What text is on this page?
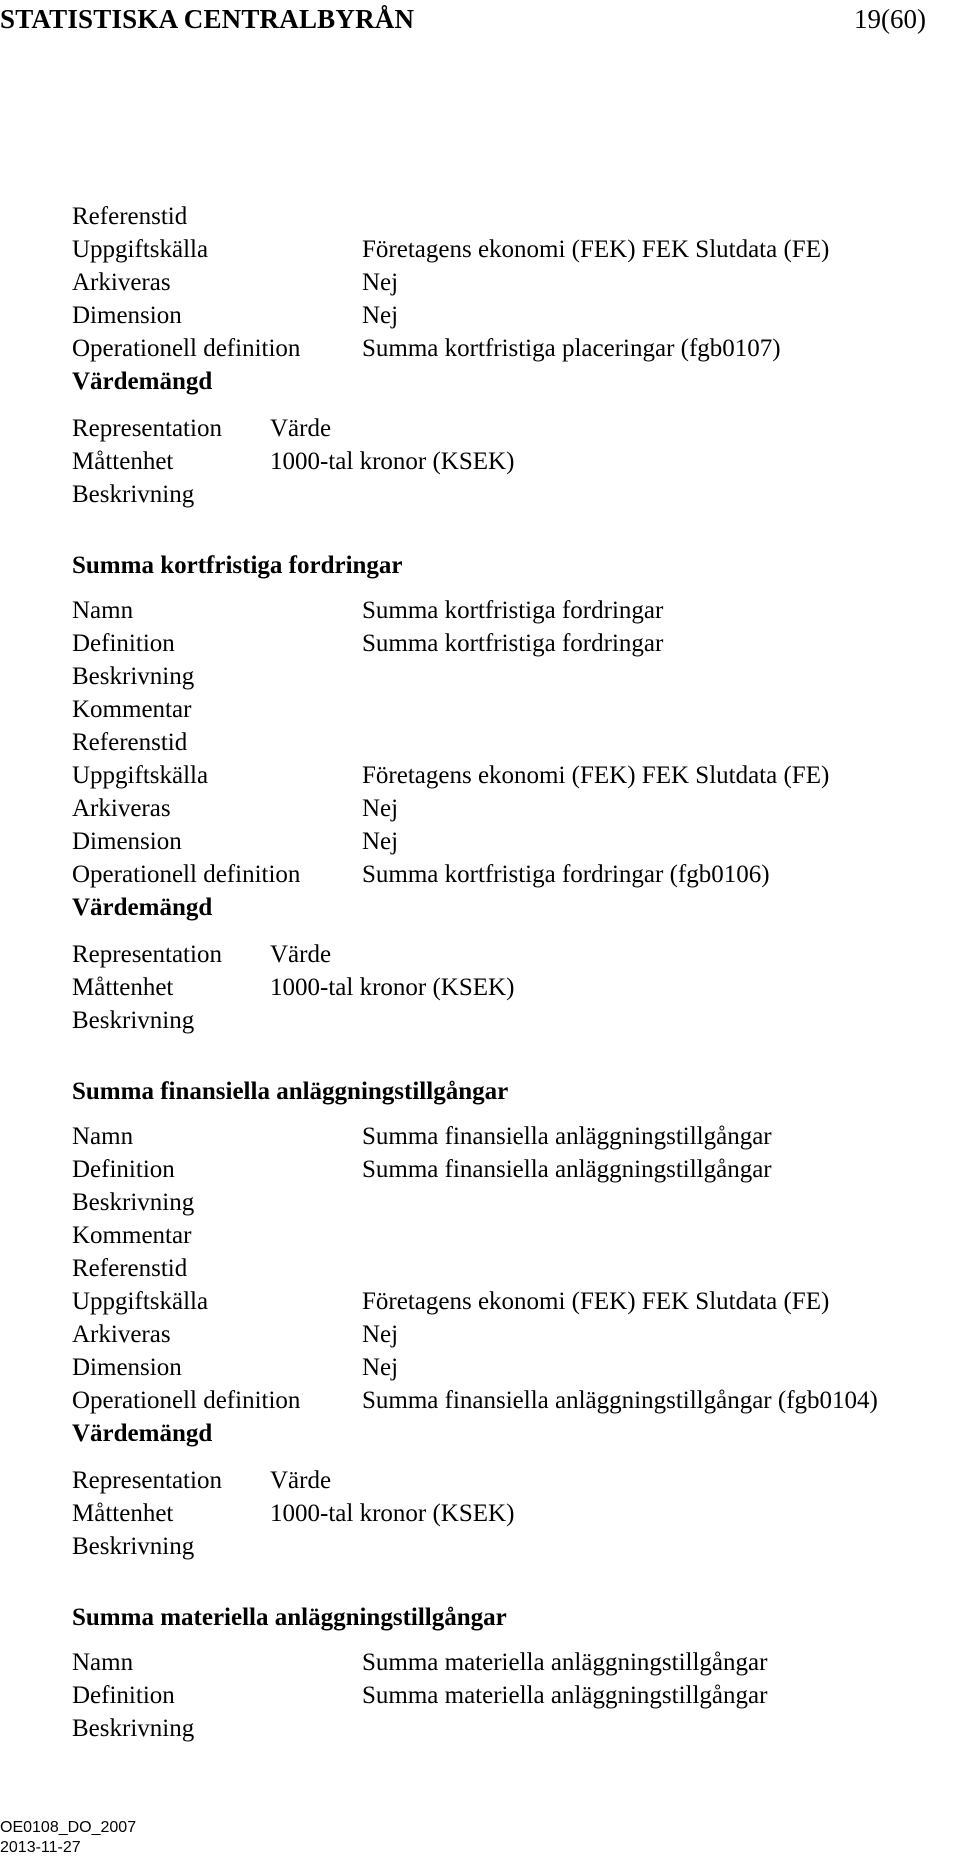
STATISTISKA CENTRALBYRÅN	19(60)
Referenstid
Uppgiftskälla	Företagens ekonomi (FEK) FEK Slutdata (FE)
Arkiveras	Nej
Dimension	Nej
Operationell definition	Summa kortfristiga placeringar (fgb0107)
Värdemängd
Representation	Värde
Måttenhet	1000-tal kronor (KSEK)
Beskrivning
Summa kortfristiga fordringar
Namn	Summa kortfristiga fordringar
Definition	Summa kortfristiga fordringar
Beskrivning
Kommentar
Referenstid
Uppgiftskälla	Företagens ekonomi (FEK) FEK Slutdata (FE)
Arkiveras	Nej
Dimension	Nej
Operationell definition	Summa kortfristiga fordringar (fgb0106)
Värdemängd
Representation	Värde
Måttenhet	1000-tal kronor (KSEK)
Beskrivning
Summa finansiella anläggningstillgångar
Namn	Summa finansiella anläggningstillgångar
Definition	Summa finansiella anläggningstillgångar
Beskrivning
Kommentar
Referenstid
Uppgiftskälla	Företagens ekonomi (FEK) FEK Slutdata (FE)
Arkiveras	Nej
Dimension	Nej
Operationell definition	Summa finansiella anläggningstillgångar (fgb0104)
Värdemängd
Representation	Värde
Måttenhet	1000-tal kronor (KSEK)
Beskrivning
Summa materiella anläggningstillgångar
Namn	Summa materiella anläggningstillgångar
Definition	Summa materiella anläggningstillgångar
Beskrivning
OE0108_DO_2007
2013-11-27
